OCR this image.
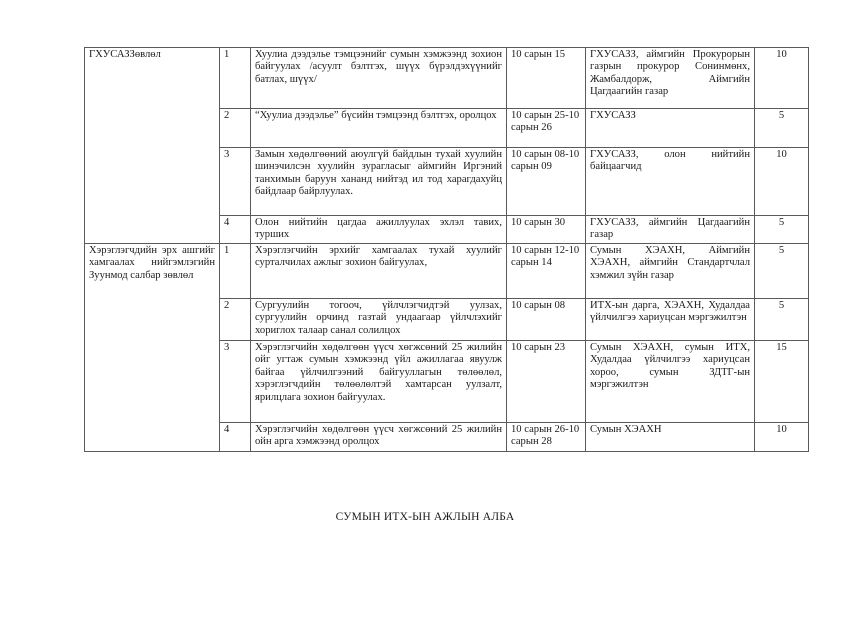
ГХУСАЗЗөвлөл	1	Хуулиа дээдэлье тэмцээнийг сумын хэмжээнд зохион байгуулах /асуулт бэлтгэх, шүүх бүрэлдэхүүнийг батлах, шүүх/	10 сарын 15	ГХУСАЗЗ, аймгийн Прокурорын газрын прокурор Сонинмөнх, Жамбалдорж, Аймгийн Цагдаагийн газар	10
	2	“Хуулиа дээдэлье” бүсийн тэмцээнд бэлтгэх, оролцох	10 сарын 25-10 сарын 26	ГХУСАЗЗ	5
	3	Замын хөдөлгөөний аюулгүй байдлын тухай хуулийн шинэчилсэн хуулийн зурагласыг аймгийн Иргэний танхимын баруун хананд нийтэд ил тод харагдахуйц байдлаар байрлуулах.	10 сарын 08-10 сарын 09	ГХУСАЗЗ, олон нийтийн байцаагчид	10
	4	Олон нийтийн цагдаа ажиллуулах эхлэл тавих, турших	10 сарын 30	ГХУСАЗЗ, аймгийн Цагдаагийн газар	5
Хэрэглэгчдийн эрх ашгийг хамгаалах нийгэмлэгийн Зуунмод салбар зөвлөл	1	Хэрэглэгчийн эрхийг хамгаалах тухай хуулийг сурталчилах ажлыг зохион байгуулах,	10 сарын 12-10 сарын 14	Сумын ХЭАХН, Аймгийн ХЭАХН, аймгийн Стандартчлал хэмжил зүйн газар	5
	2	Сургуулийн тогооч, үйлчлэгчидтэй уулзах, сургуулийн орчинд газтай ундаагаар үйлчлэхийг хориглох талаар санал солилцох	10 сарын 08	ИТХ-ын дарга, ХЭАХН, Худалдаа үйлчилгээ хариуцсан мэргэжилтэн	5
	3	Хэрэглэгчийн хөдөлгөөн үүсч хөгжсөний 25 жилийн ойг угтаж сумын хэмжээнд үйл ажиллагаа явуулж байгаа үйлчилгээний байгууллагын төлөөлөл, хэрэглэгчдийн төлөөлөлтэй хамтарсан уулзалт, ярилцлага зохион байгуулах.	10 сарын 23	Сумын ХЭАХН, сумын ИТХ, Худалдаа үйлчилгээ хариуцсан хороо, сумын ЗДТГ-ын мэргэжилтэн	15
	4	Хэрэглэгчийн хөдөлгөөн үүсч хөгжсөний 25 жилийн ойн арга хэмжээнд оролцох	10 сарын 26-10 сарын 28	Сумын ХЭАХН	10
СУМЫН ИТХ-ЫН АЖЛЫН АЛБА
